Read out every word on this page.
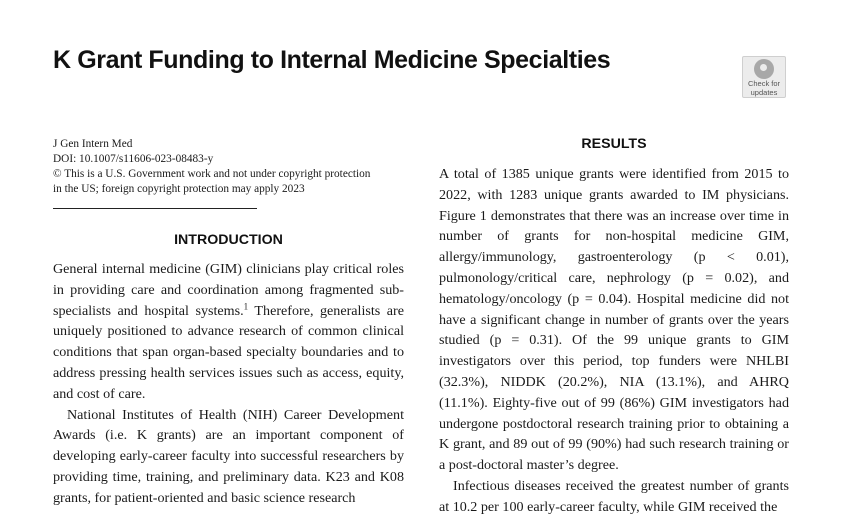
K Grant Funding to Internal Medicine Specialties
Check for
updates
J Gen Intern Med
DOI: 10.1007/s11606-023-08483-y
© This is a U.S. Government work and not under copyright protection
in the US; foreign copyright protection may apply 2023
INTRODUCTION

General internal medicine (GIM) clinicians play critical roles in providing care and coordination among fragmented sub-specialists and hospital systems.$^1$ Therefore, generalists are uniquely positioned to advance research of common clinical conditions that span organ-based specialty boundaries and to address pressing health services issues such as access, equity, and cost of care.

National Institutes of Health (NIH) Career Development Awards (i.e. K grants) are an important component of developing early-career faculty into successful researchers by providing time, training, and preliminary data. K23 and K08 grants, for patient-oriented and basic science research

RESULTS

A total of 1385 unique grants were identified from 2015 to 2022, with 1283 unique grants awarded to IM physicians. Figure 1 demonstrates that there was an increase over time in number of grants for non-hospital medicine GIM, allergy/immunology, gastroenterology (p < 0.01), pulmonology/critical care, nephrology (p = 0.02), and hematology/oncology (p = 0.04). Hospital medicine did not have a significant change in number of grants over the years studied (p = 0.31). Of the 99 unique grants to GIM investigators over this period, top funders were NHLBI (32.3%), NIDDK (20.2%), NIA (13.1%), and AHRQ (11.1%). Eighty-five out of 99 (86%) GIM investigators had undergone postdoctoral research training prior to obtaining a K grant, and 89 out of 99 (90%) had such research training or a post-doctoral master’s degree.

Infectious diseases received the greatest number of grants at 10.2 per 100 early-career faculty, while GIM received the
